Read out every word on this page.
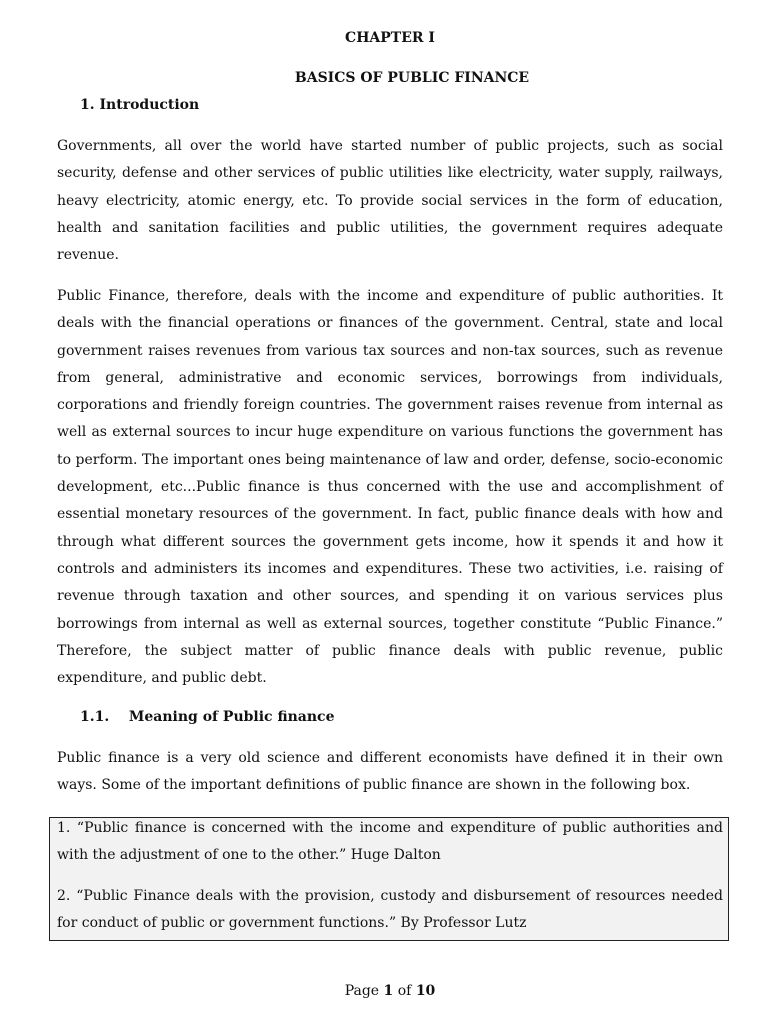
CHAPTER I
BASICS OF PUBLIC FINANCE
1. Introduction

Governments, all over the world have started number of public projects, such as social security, defense and other services of public utilities like electricity, water supply, railways, heavy electricity, atomic energy, etc. To provide social services in the form of education, health and sanitation facilities and public utilities, the government requires adequate revenue.

Public Finance, therefore, deals with the income and expenditure of public authorities. It deals with the financial operations or finances of the government. Central, state and local government raises revenues from various tax sources and non-tax sources, such as revenue from general, administrative and economic services, borrowings from individuals, corporations and friendly foreign countries. The government raises revenue from internal as well as external sources to incur huge expenditure on various functions the government has to perform. The important ones being maintenance of law and order, defense, socio-economic development, etc...Public finance is thus concerned with the use and accomplishment of essential monetary resources of the government. In fact, public finance deals with how and through what different sources the government gets income, how it spends it and how it controls and administers its incomes and expenditures. These two activities, i.e. raising of revenue through taxation and other sources, and spending it on various services plus borrowings from internal as well as external sources, together constitute “Public Finance.” Therefore, the subject matter of public finance deals with public revenue, public expenditure, and public debt.

1.1. Meaning of Public finance

Public finance is a very old science and different economists have defined it in their own ways. Some of the important definitions of public finance are shown in the following box.

1. “Public finance is concerned with the income and expenditure of public authorities and with the adjustment of one to the other.” Huge Dalton

2. “Public Finance deals with the provision, custody and disbursement of resources needed for conduct of public or government functions.” By Professor Lutz

Page 1 of 10
